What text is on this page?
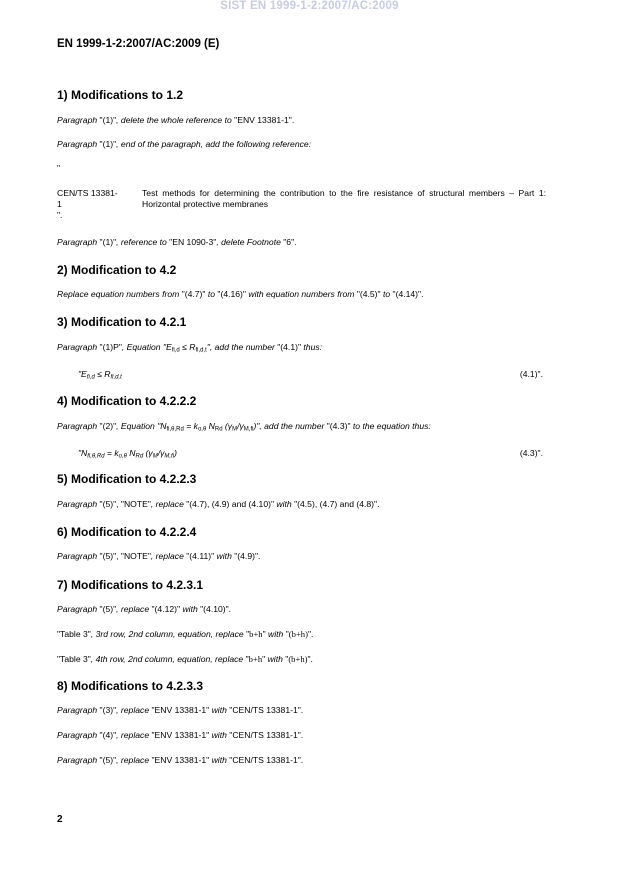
SIST EN 1999-1-2:2007/AC:2009
EN 1999-1-2:2007/AC:2009 (E)
1) Modifications to 1.2
Paragraph "(1)", delete the whole reference to "ENV 13381-1".
Paragraph "(1)", end of the paragraph, add the following reference:
"
CEN/TS 13381-
1
".
Test methods for determining the contribution to the fire resistance of structural members – Part 1: Horizontal protective membranes
Paragraph "(1)", reference to "EN 1090-3", delete Footnote "6".
2) Modification to 4.2
Replace equation numbers from "(4.7)" to "(4.16)" with equation numbers from "(4.5)" to "(4.14)".
3) Modification to 4.2.1
Paragraph "(1)P", Equation "$E_{fi,d} \le R_{fi,d,t}$", add the number "(4.1)" thus:
"$E_{fi,d} \le R_{fi,d,t}$	(4.1)".
4) Modification to 4.2.2.2
Paragraph "(2)", Equation "$N_{fi,\theta,Rd} = k_{o,\theta}$ $N_{Rd}$ $(\gamma_M/\gamma_{M,fi})$", add the number "(4.3)" to the equation thus:
"$N_{fi,\theta,Rd} = k_{o,\theta}$ $N_{Rd}$ $(\gamma_M/\gamma_{M,fi})$	(4.3)".
5) Modification to 4.2.2.3
Paragraph "(5)", "NOTE", replace "(4.7), (4.9) and (4.10)" with "(4.5), (4.7) and (4.8)".
6) Modification to 4.2.2.4
Paragraph "(5)", "NOTE", replace "(4.11)" with "(4.9)".
7) Modifications to 4.2.3.1
Paragraph "(5)", replace "(4.12)" with "(4.10)".
"Table 3", 3rd row, 2nd column, equation, replace "b+h" with "(b+h)".
"Table 3", 4th row, 2nd column, equation, replace "b+h" with "(b+h)".
8) Modifications to 4.2.3.3
Paragraph "(3)", replace "ENV 13381-1" with "CEN/TS 13381-1".
Paragraph "(4)", replace "ENV 13381-1" with "CEN/TS 13381-1".
Paragraph "(5)", replace "ENV 13381-1" with "CEN/TS 13381-1".
2
